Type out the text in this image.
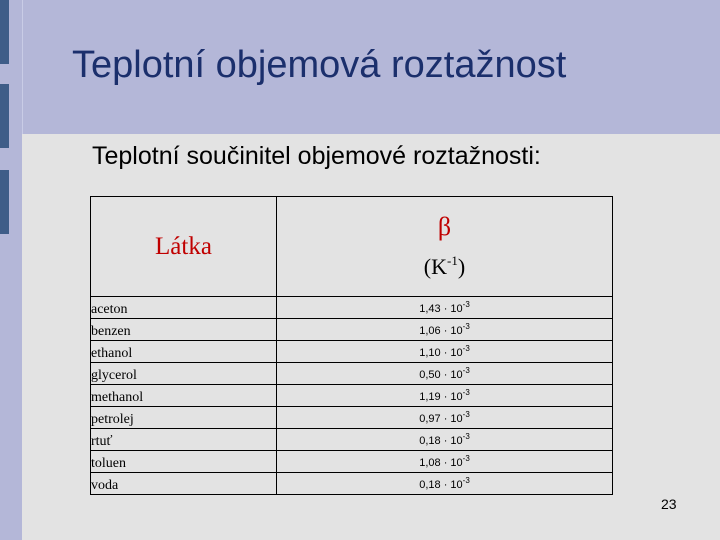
Teplotní objemová roztažnost
Teplotní součinitel objemové roztažnosti:
Látka	β
$(K^{-1})$
aceton	$1,43 \cdot 10^{-3}$
benzen	$1,06 \cdot 10^{-3}$
ethanol	$1,10 \cdot 10^{-3}$
glycerol	$0,50 \cdot 10^{-3}$
methanol	$1,19 \cdot 10^{-3}$
petrolej	$0,97 \cdot 10^{-3}$
rtuť	$0,18 \cdot 10^{-3}$
toluen	$1,08 \cdot 10^{-3}$
voda	$0,18 \cdot 10^{-3}$
23
